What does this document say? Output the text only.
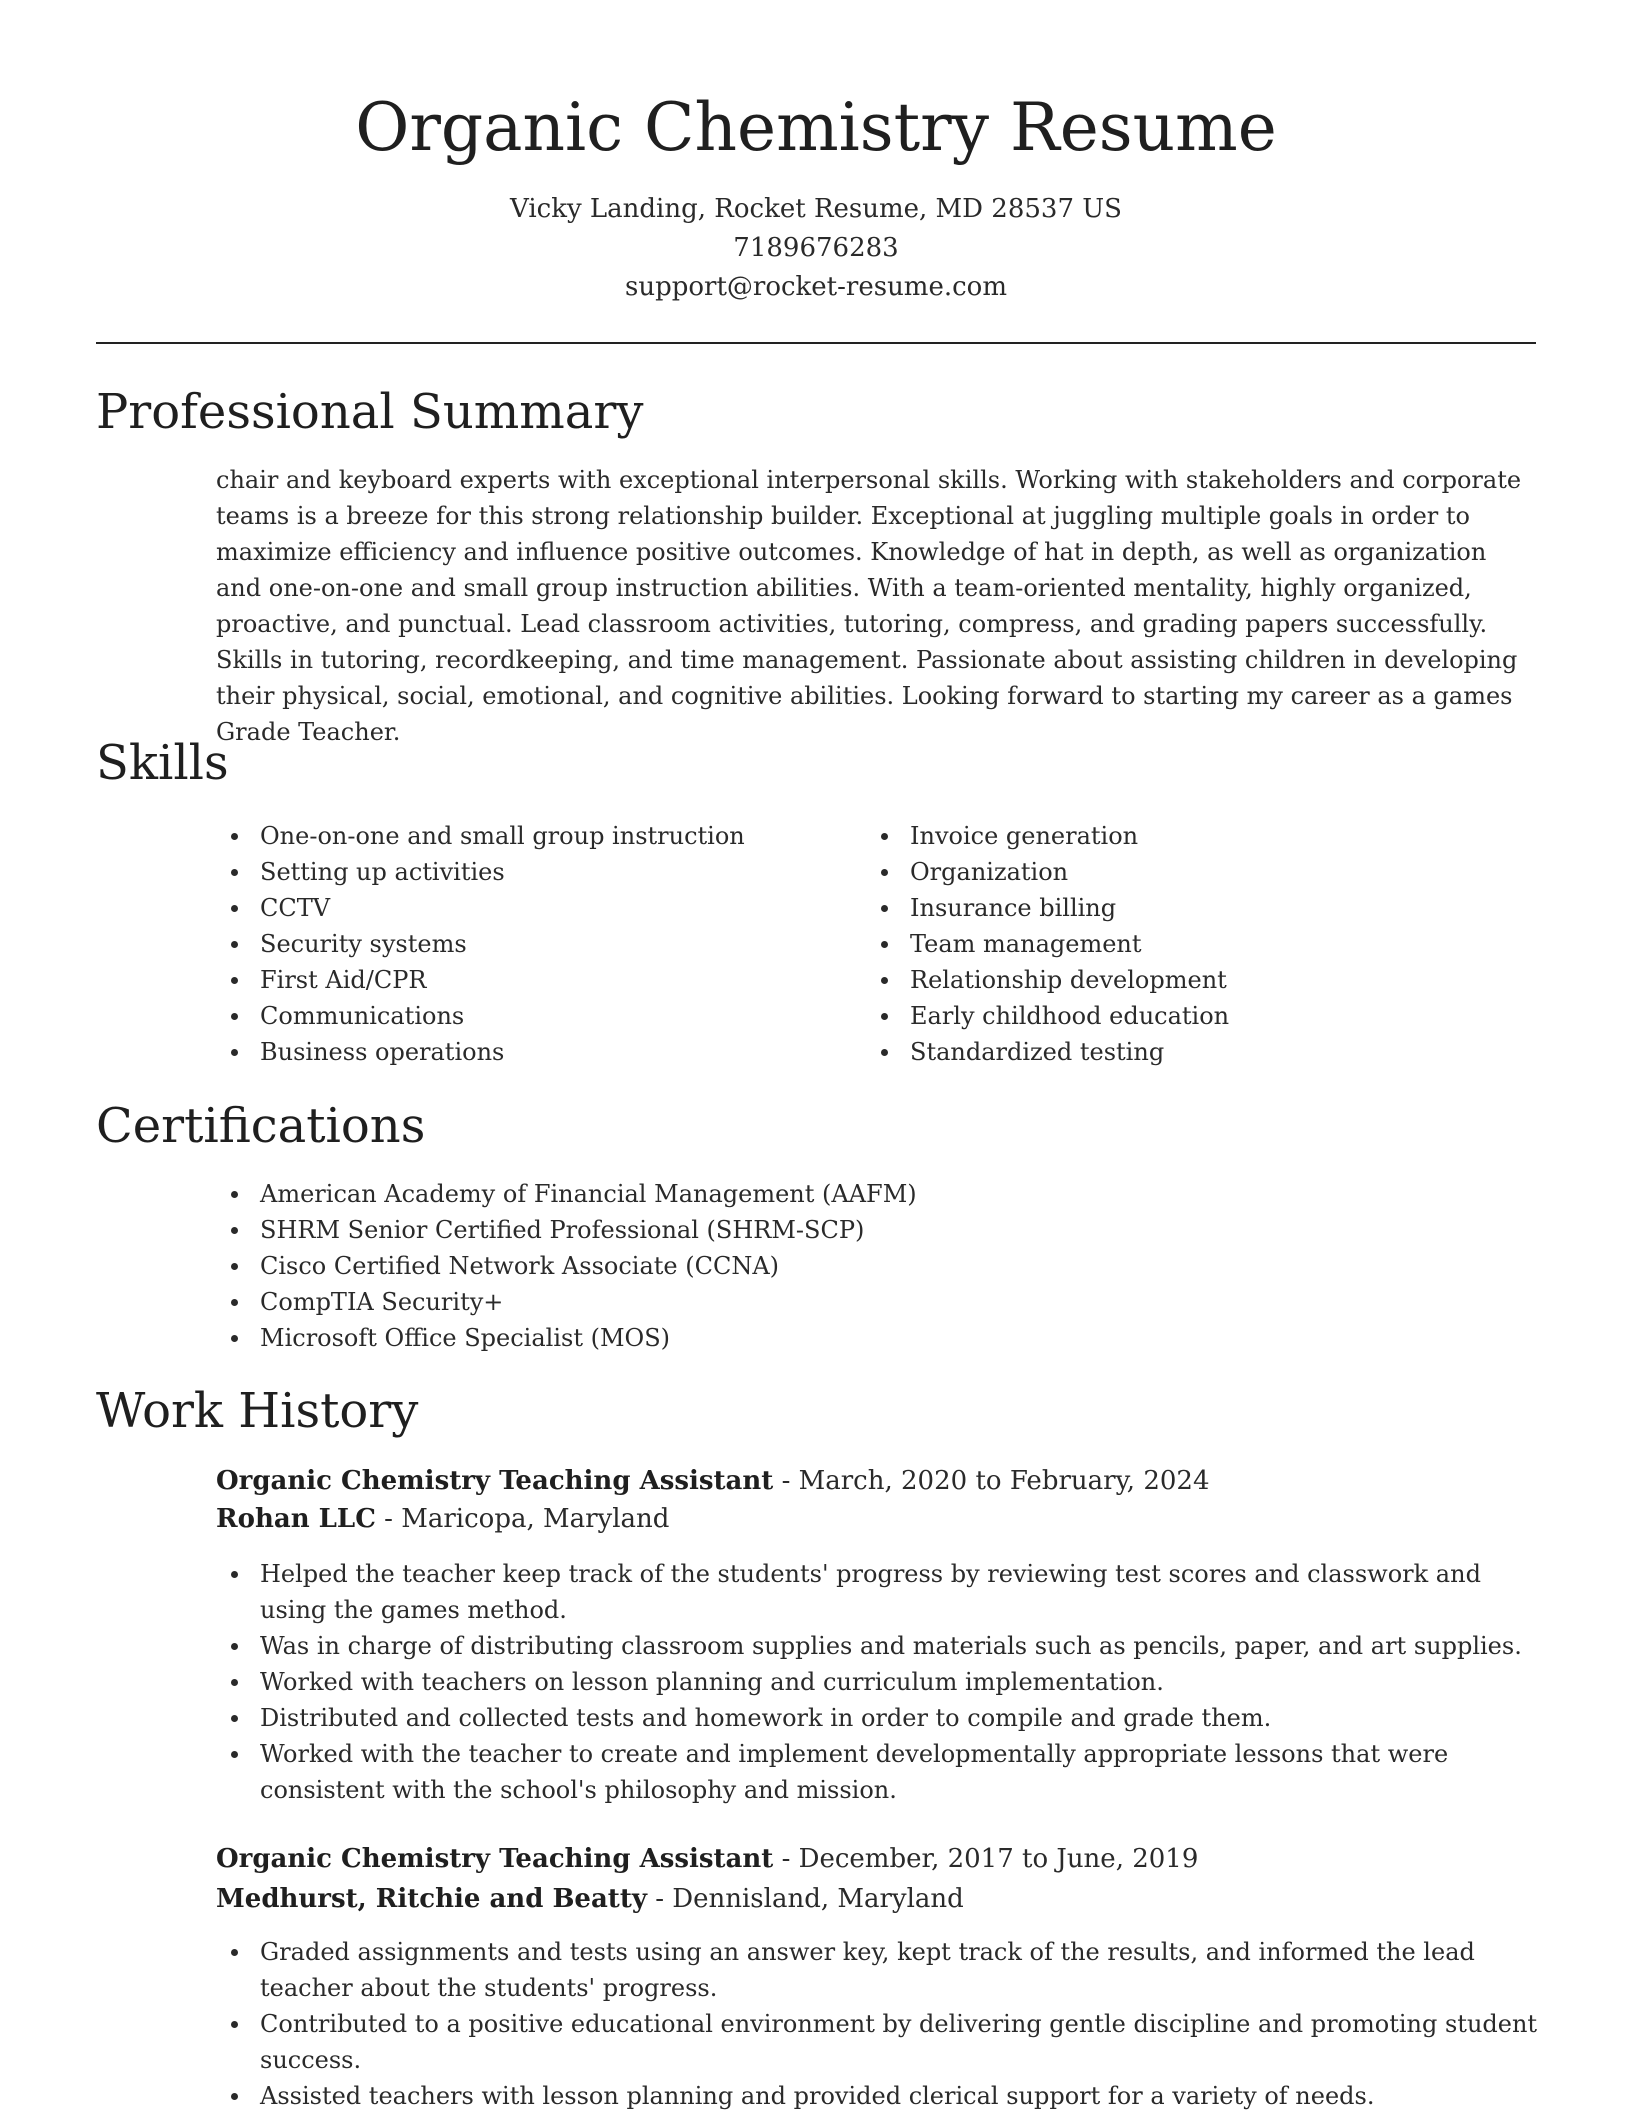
Organic Chemistry Resume
Vicky Landing, Rocket Resume, MD 28537 US
7189676283
support@rocket-resume.com
Professional Summary

chair and keyboard experts with exceptional interpersonal skills. Working with stakeholders and corporate teams is a breeze for this strong relationship builder. Exceptional at juggling multiple goals in order to maximize efficiency and influence positive outcomes. Knowledge of hat in depth, as well as organization and one-on-one and small group instruction abilities. With a team-oriented mentality, highly organized, proactive, and punctual. Lead classroom activities, tutoring, compress, and grading papers successfully. Skills in tutoring, recordkeeping, and time management. Passionate about assisting children in developing their physical, social, emotional, and cognitive abilities. Looking forward to starting my career as a games Grade Teacher.

Skills
One-on-one and small group instruction
Setting up activities
CCTV
Security systems
First Aid/CPR
Communications
Business operations
Invoice generation
Organization
Insurance billing
Team management
Relationship development
Early childhood education
Standardized testing
Certifications
American Academy of Financial Management (AAFM)
SHRM Senior Certified Professional (SHRM-SCP)
Cisco Certified Network Associate (CCNA)
CompTIA Security+
Microsoft Office Specialist (MOS)
Work History
Organic Chemistry Teaching Assistant - March, 2020 to February, 2024
Rohan LLC - Maricopa, Maryland
Helped the teacher keep track of the students' progress by reviewing test scores and classwork and using the games method.
Was in charge of distributing classroom supplies and materials such as pencils, paper, and art supplies.
Worked with teachers on lesson planning and curriculum implementation.
Distributed and collected tests and homework in order to compile and grade them.
Worked with the teacher to create and implement developmentally appropriate lessons that were consistent with the school's philosophy and mission.
Organic Chemistry Teaching Assistant - December, 2017 to June, 2019
Medhurst, Ritchie and Beatty - Dennisland, Maryland
Graded assignments and tests using an answer key, kept track of the results, and informed the lead teacher about the students' progress.
Contributed to a positive educational environment by delivering gentle discipline and promoting student success.
Assisted teachers with lesson planning and provided clerical support for a variety of needs.
